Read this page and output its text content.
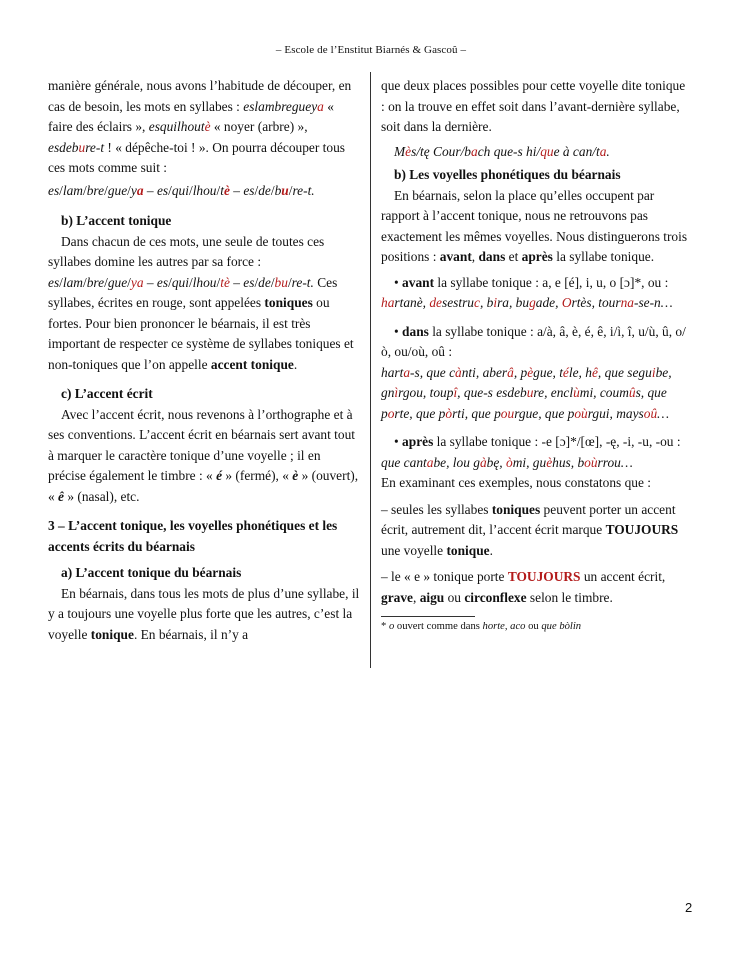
– Escole de l’Enstitut Biarnés & Gascoû –

manière générale, nous avons l’habitude de découper, en cas de besoin, les mots en syllabes : eslambregueya « faire des éclairs », esquilhoutè « noyer (arbre) », esdebure-t ! « dépêche-toi ! ». On pourra découper tous ces mots comme suit :

es/lam/bre/gue/ya – es/qui/lhou/tè – es/de/bu/re-t.

b) L’accent tonique

Dans chacun de ces mots, une seule de toutes ces syllabes domine les autres par sa force :

es/lam/bre/gue/ya – es/qui/lhou/tè – es/de/bu/re-t. Ces syllabes, écrites en rouge, sont appelées toniques ou fortes. Pour bien prononcer le béarnais, il est très important de respecter ce système de syllabes toniques et non-toniques que l’on appelle accent tonique.

c) L’accent écrit

Avec l’accent écrit, nous revenons à l’orthographe et à ses conventions. L’accent écrit en béarnais sert avant tout à marquer le caractère tonique d’une voyelle ; il en précise également le timbre : « é » (fermé), « è » (ouvert), « ê » (nasal), etc.

3 – L’accent tonique, les voyelles phonétiques et les accents écrits du béarnais

a) L’accent tonique du béarnais

En béarnais, dans tous les mots de plus d’une syllabe, il y a toujours une voyelle plus forte que les autres, c’est la voyelle tonique. En béarnais, il n’y a

que deux places possibles pour cette voyelle dite tonique : on la trouve en effet soit dans l’avant-dernière syllabe, soit dans la dernière.

Mès/tę Cour/bach que-s hi/que à can/ta.

b) Les voyelles phonétiques du béarnais

En béarnais, selon la place qu’elles occupent par rapport à l’accent tonique, nous ne retrouvons pas exactement les mêmes voyelles. Nous distinguerons trois positions : avant, dans et après la syllabe tonique.

• avant la syllabe tonique : a, e [é], i, u, o [ɔ]*, ou :

hartanè, desestruc, bira, bugade, Ortès, tourna-se-n…

• dans la syllabe tonique : a/à, â, è, é, ê, i/ì, î, u/ù, û, o/ò, ou/où, oû :

harta-s, que cànti, aberâ, pègue, téle, hê, que seguibe, gnìrgou, toupî, que-s esdebure, enclùmi, coumûs, que porte, que pòrti, que pourgue, que poùrgui, maysoû…

• après la syllabe tonique : -e [ɔ]*/[œ], -ę, -i, -u, -ou : que cantabe, lou gàbę, òmi, guèhus, boùrrou…

En examinant ces exemples, nous constatons que :

– seules les syllabes toniques peuvent porter un accent écrit, autrement dit, l’accent écrit marque TOUJOURS une voyelle tonique.

– le « e » tonique porte TOUJOURS un accent écrit, grave, aigu ou circonflexe selon le timbre.

* o ouvert comme dans horte, aco ou que bòlin

2
